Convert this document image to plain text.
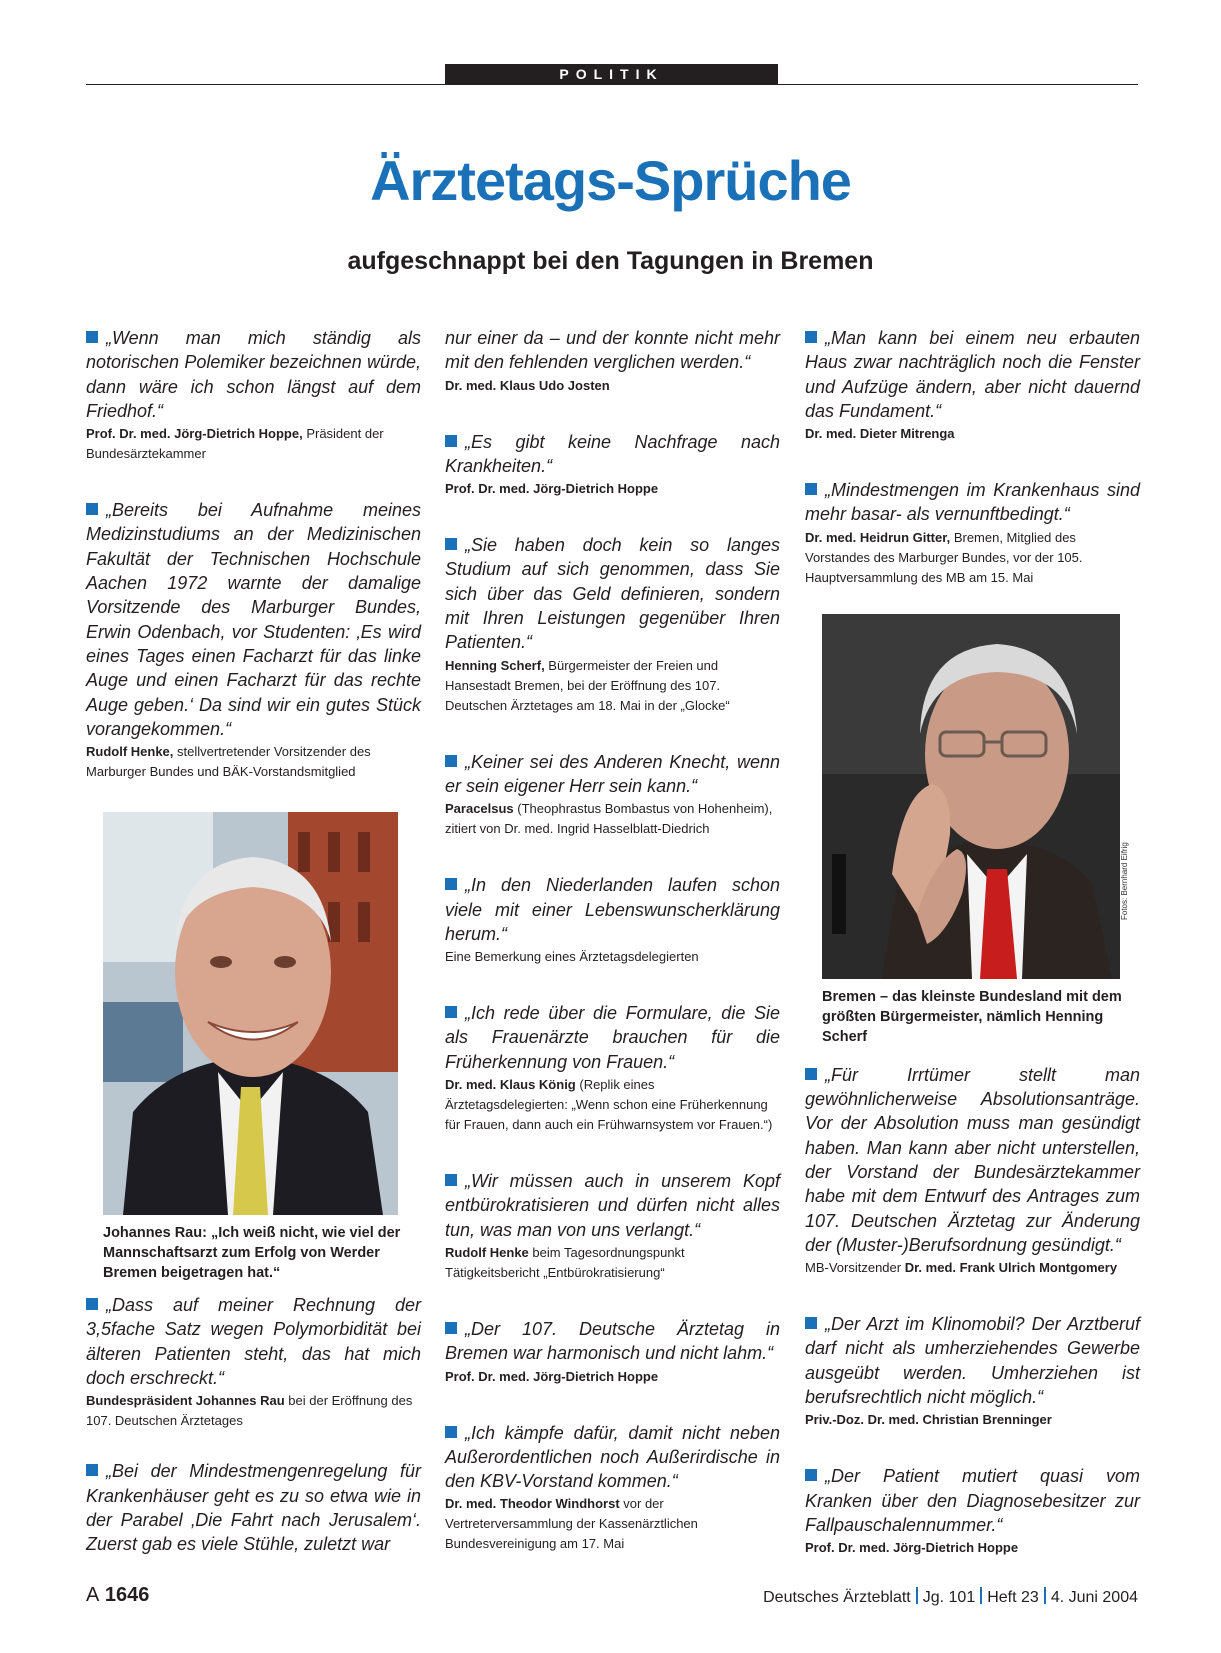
POLITIK
Ärztetags-Sprüche
aufgeschnappt bei den Tagungen in Bremen

„Wenn man mich ständig als notorischen Polemiker bezeichnen würde, dann wäre ich schon längst auf dem Friedhof.“

Prof. Dr. med. Jörg-Dietrich Hoppe, Präsident der Bundesärztekammer

„Bereits bei Aufnahme meines Medizinstudiums an der Medizinischen Fakultät der Technischen Hochschule Aachen 1972 warnte der damalige Vorsitzende des Marburger Bundes, Erwin Odenbach, vor Studenten: ‚Es wird eines Tages einen Facharzt für das linke Auge und einen Facharzt für das rechte Auge geben.‘ Da sind wir ein gutes Stück vorangekommen.“

Rudolf Henke, stellvertretender Vorsitzender des Marburger Bundes und BÄK-Vorstandsmitglied

Johannes Rau: „Ich weiß nicht, wie viel der Mannschaftsarzt zum Erfolg von Werder Bremen beigetragen hat.“

„Dass auf meiner Rechnung der 3,5fache Satz wegen Polymorbidität bei älteren Patienten steht, das hat mich doch erschreckt.“

Bundespräsident Johannes Rau bei der Eröffnung des 107. Deutschen Ärztetages

„Bei der Mindestmengenregelung für Krankenhäuser geht es zu so etwa wie in der Parabel ‚Die Fahrt nach Jerusalem‘. Zuerst gab es viele Stühle, zuletzt war

nur einer da – und der konnte nicht mehr mit den fehlenden verglichen werden.“

Dr. med. Klaus Udo Josten

„Es gibt keine Nachfrage nach Krankheiten.“

Prof. Dr. med. Jörg-Dietrich Hoppe

„Sie haben doch kein so langes Studium auf sich genommen, dass Sie sich über das Geld definieren, sondern mit Ihren Leistungen gegenüber Ihren Patienten.“

Henning Scherf, Bürgermeister der Freien und Hansestadt Bremen, bei der Eröffnung des 107. Deutschen Ärztetages am 18. Mai in der „Glocke“

„Keiner sei des Anderen Knecht, wenn er sein eigener Herr sein kann.“

Paracelsus (Theophrastus Bombastus von Hohenheim), zitiert von Dr. med. Ingrid Hasselblatt-Diedrich

„In den Niederlanden laufen schon viele mit einer Lebenswunscherklärung herum.“

Eine Bemerkung eines Ärztetagsdelegierten

„Ich rede über die Formulare, die Sie als Frauenärzte brauchen für die Früherkennung von Frauen.“

Dr. med. Klaus König (Replik eines Ärztetagsdelegierten: „Wenn schon eine Früherkennung für Frauen, dann auch ein Frühwarnsystem vor Frauen.“)

„Wir müssen auch in unserem Kopf entbürokratisieren und dürfen nicht alles tun, was man von uns verlangt.“

Rudolf Henke beim Tagesordnungspunkt Tätigkeitsbericht „Entbürokratisierung“

„Der 107. Deutsche Ärztetag in Bremen war harmonisch und nicht lahm.“

Prof. Dr. med. Jörg-Dietrich Hoppe

„Ich kämpfe dafür, damit nicht neben Außerordentlichen noch Außerirdische in den KBV-Vorstand kommen.“

Dr. med. Theodor Windhorst vor der Vertreterversammlung der Kassenärztlichen Bundesvereinigung am 17. Mai

„Man kann bei einem neu erbauten Haus zwar nachträglich noch die Fenster und Aufzüge ändern, aber nicht dauernd das Fundament.“

Dr. med. Dieter Mitrenga

„Mindestmengen im Krankenhaus sind mehr basar- als vernunftbedingt.“

Dr. med. Heidrun Gitter, Bremen, Mitglied des Vorstandes des Marburger Bundes, vor der 105. Hauptversammlung des MB am 15. Mai

Bremen – das kleinste Bundesland mit dem größten Bürgermeister, nämlich Henning Scherf

„Für Irrtümer stellt man gewöhnlicherweise Absolutionsanträge. Vor der Absolution muss man gesündigt haben. Man kann aber nicht unterstellen, der Vorstand der Bundesärztekammer habe mit dem Entwurf des Antrages zum 107. Deutschen Ärztetag zur Änderung der (Muster-)Berufsordnung gesündigt.“

MB-Vorsitzender Dr. med. Frank Ulrich Montgomery

„Der Arzt im Klinomobil? Der Arztberuf darf nicht als umherziehendes Gewerbe ausgeübt werden. Umherziehen ist berufsrechtlich nicht möglich.“

Priv.-Doz. Dr. med. Christian Brenninger

„Der Patient mutiert quasi vom Kranken über den Diagnosebesitzer zur Fallpauschalennummer.“

Prof. Dr. med. Jörg-Dietrich Hoppe

Fotos: Bernhard Eifrig
A 1646	Deutsches Ärzteblatt Jg. 101 Heft 23 4. Juni 2004
